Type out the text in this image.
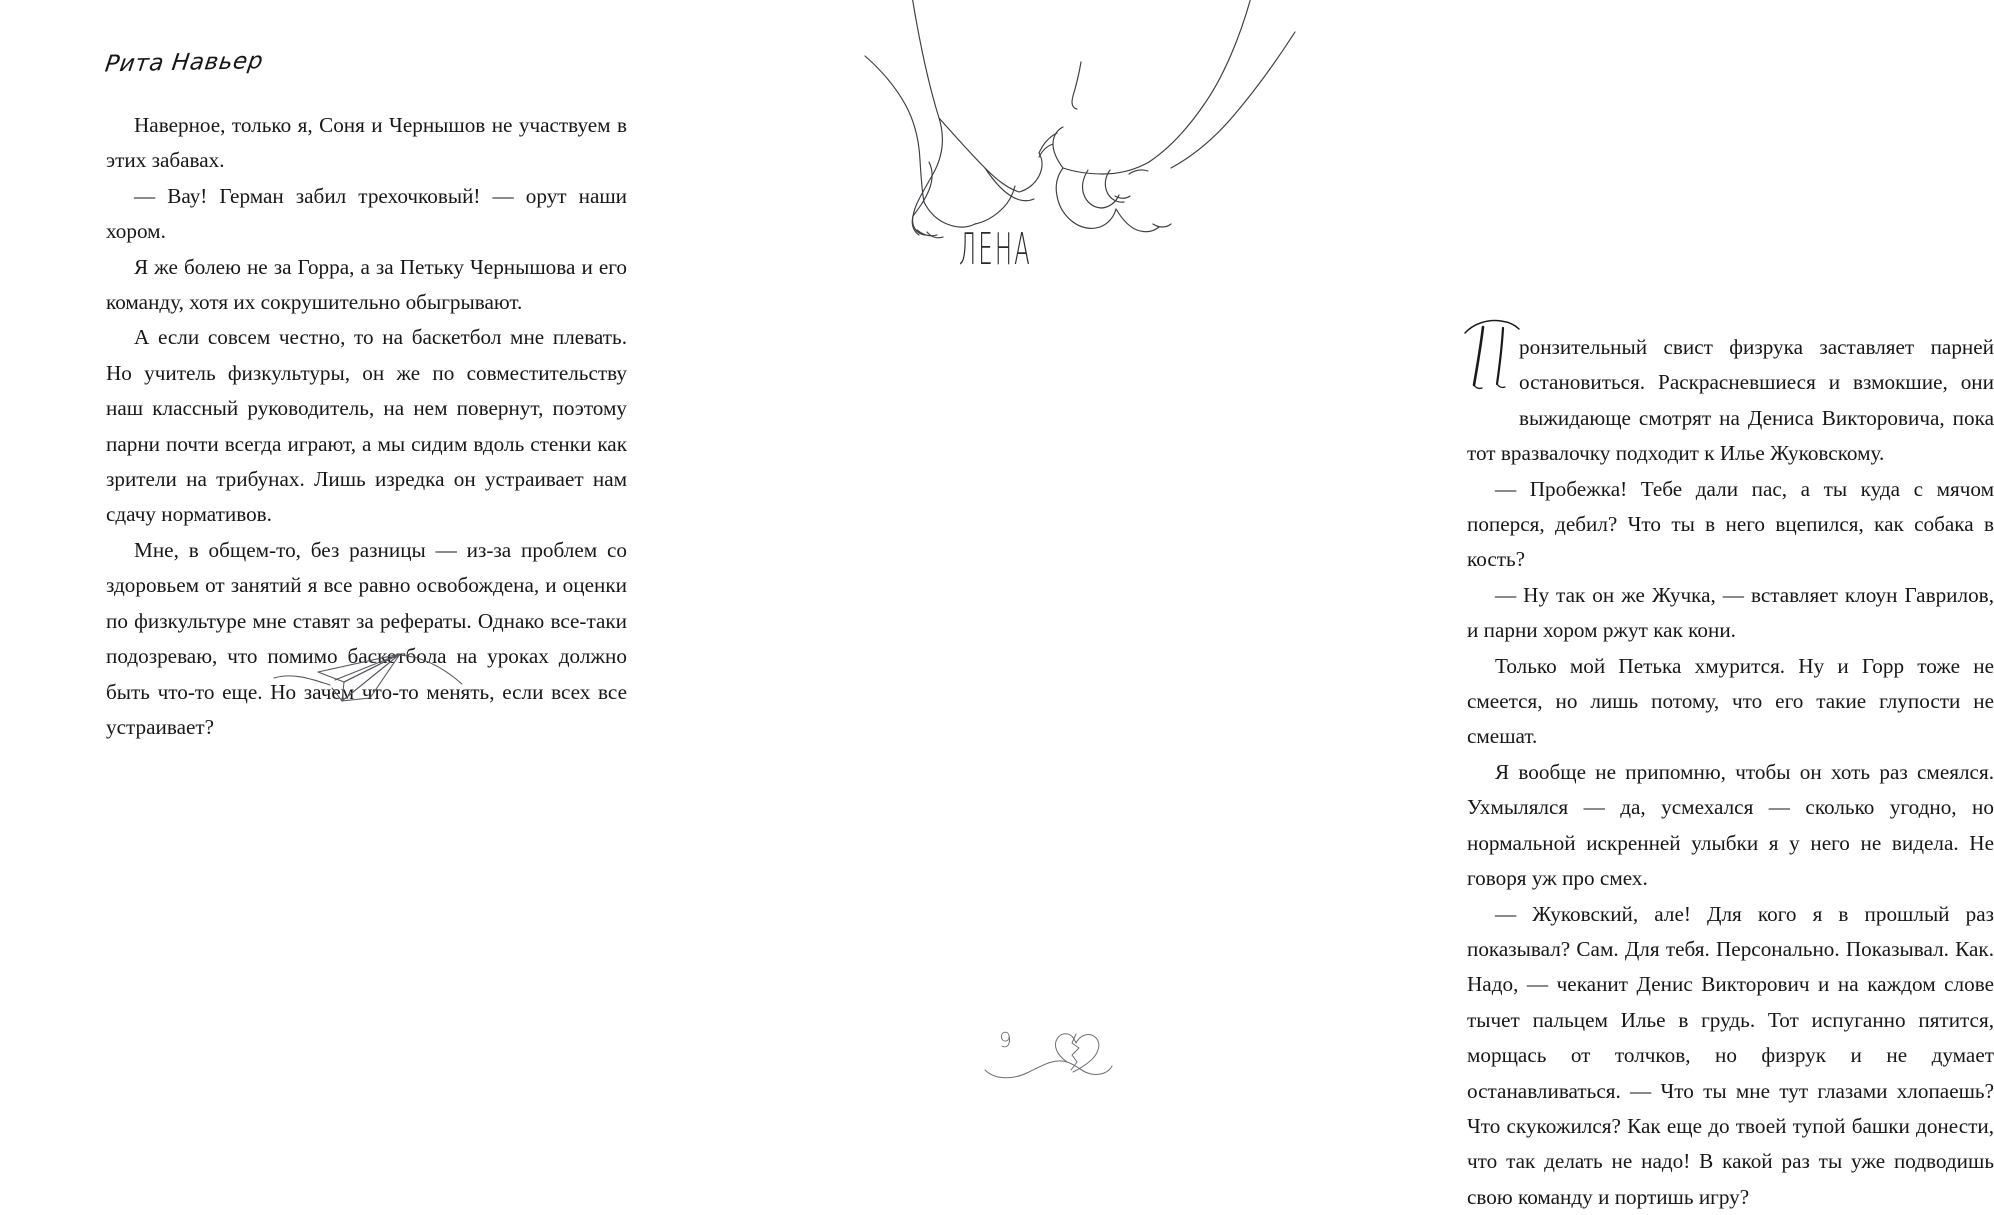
Рита Навьер

Наверное, только я, Соня и Чернышов не участвуем в этих забавах.

— Вау! Герман забил трехочковый! — орут наши хором.

Я же болею не за Горра, а за Петьку Чернышова и его команду, хотя их сокрушительно обыгрывают.

А если совсем честно, то на баскетбол мне плевать. Но учитель физкультуры, он же по совместительству наш классный руководитель, на нем повернут, поэтому парни почти всегда играют, а мы сидим вдоль стенки как зрители на трибунах. Лишь изредка он устраивает нам сдачу нормативов.

Мне, в общем-то, без разницы — из-за проблем со здоровьем от занятий я все равно освобождена, и оценки по физкультуре мне ставят за рефераты. Однако все-таки подозреваю, что помимо баскетбола на уроках должно быть что-то еще. Но зачем что-то менять, если всех все устраивает?

ЛЕНА

ронзительный свист физрука заставляет парней остановиться. Раскрасневшиеся и взмокшие, они выжидающе смотрят на Дениса Викторовича, пока тот вразвалочку подходит к Илье Жуковскому.

— Пробежка! Тебе дали пас, а ты куда с мячом поперся, дебил? Что ты в него вцепился, как собака в кость?

— Ну так он же Жучка, — вставляет клоун Гаврилов, и парни хором ржут как кони.

Только мой Петька хмурится. Ну и Горр тоже не смеется, но лишь потому, что его такие глупости не смешат.

Я вообще не припомню, чтобы он хоть раз смеялся. Ухмылялся — да, усмехался — сколько угодно, но нормальной искренней улыбки я у него не видела. Не говоря уж про смех.

— Жуковский, але! Для кого я в прошлый раз показывал? Сам. Для тебя. Персонально. Показывал. Как. Надо, — чеканит Денис Викторович и на каждом слове тычет пальцем Илье в грудь. Тот испуганно пятится, морщась от толчков, но физрук и не думает останавливаться. — Что ты мне тут глазами хлопаешь? Что скукожился? Как еще до твоей тупой башки донести, что так делать не надо! В какой раз ты уже подводишь свою команду и портишь игру?

9
